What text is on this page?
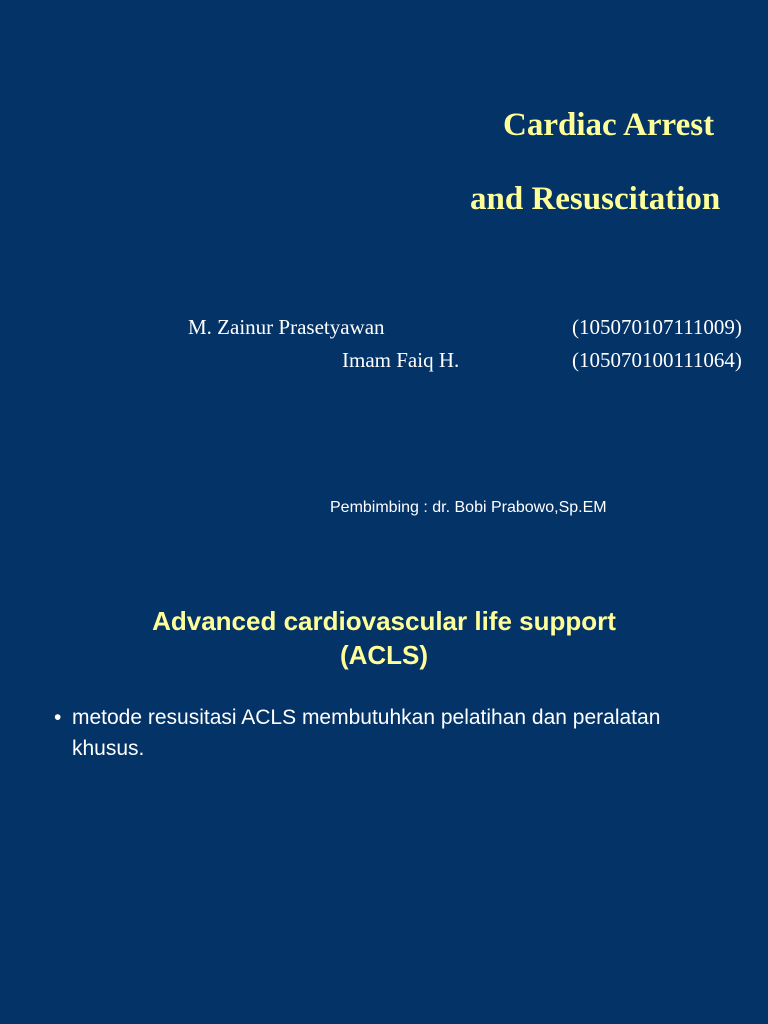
Cardiac Arrest
and Resuscitation
M. Zainur Prasetyawan	(105070107111009)
Imam Faiq H.	(105070100111064)
Pembimbing : dr. Bobi Prabowo,Sp.EM
Advanced cardiovascular life support
(ACLS)
• metode resusitasi ACLS membutuhkan pelatihan dan peralatan khusus.
